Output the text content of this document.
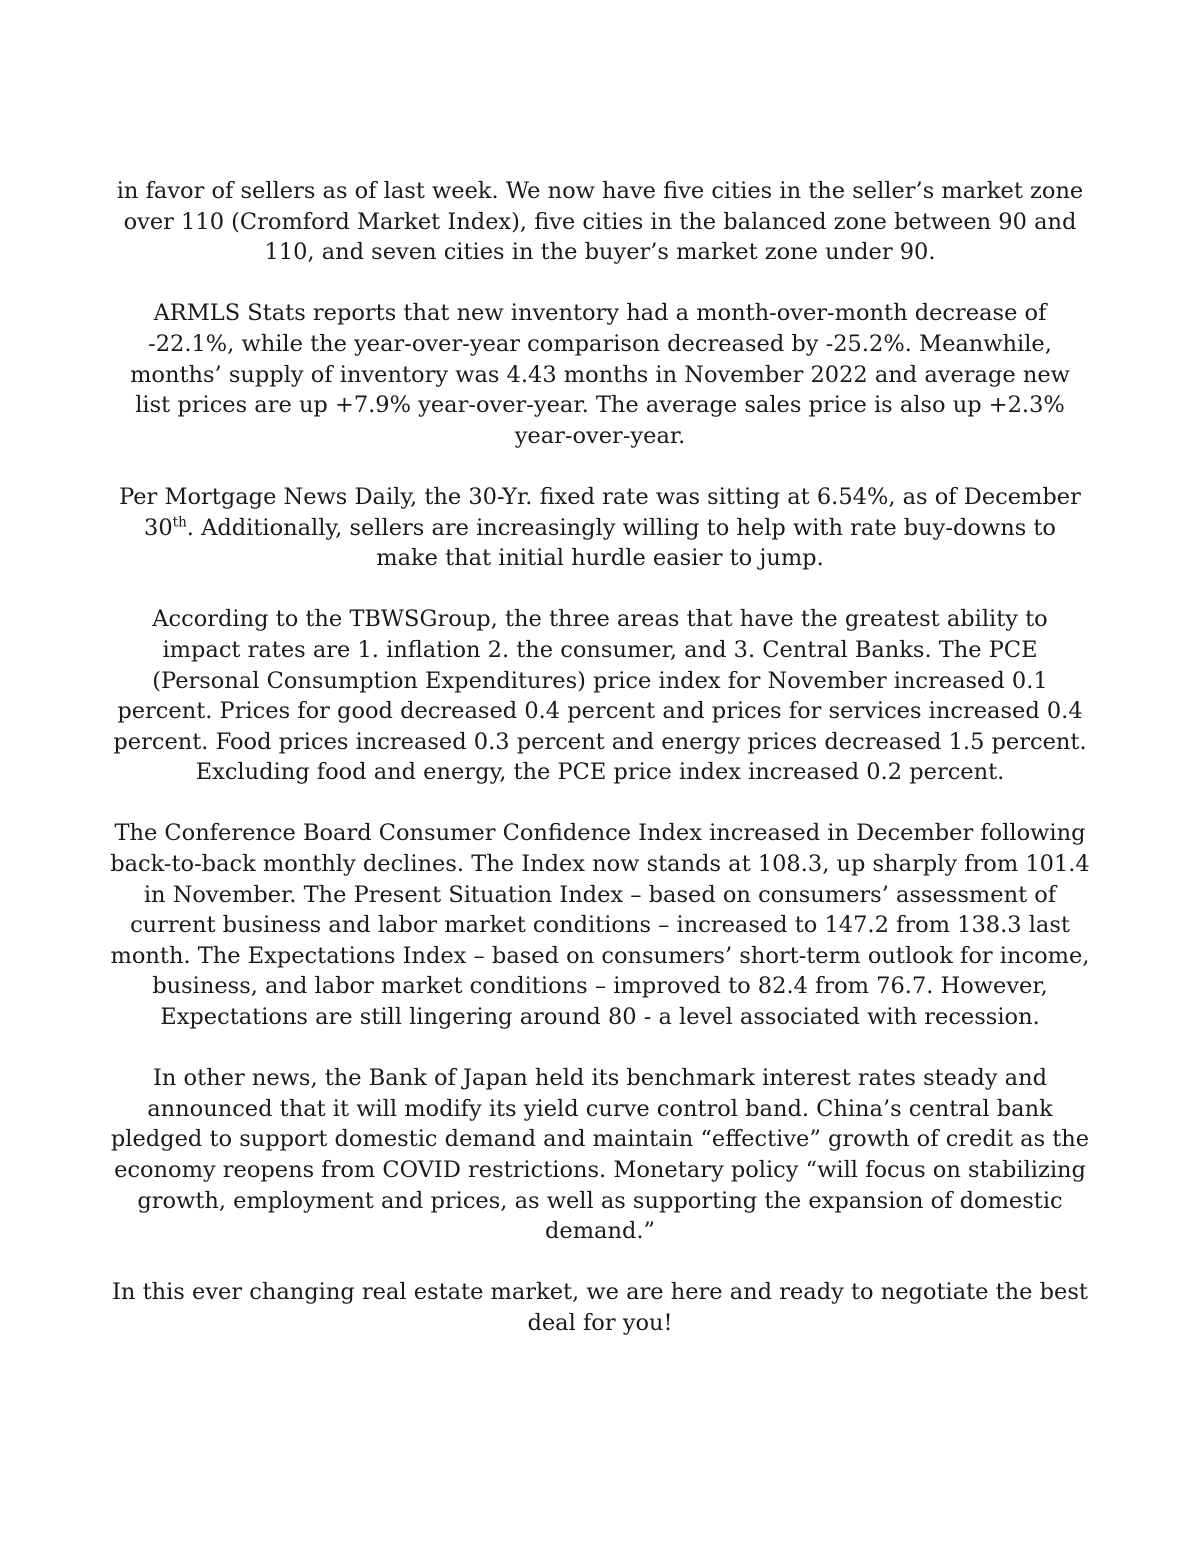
in favor of sellers as of last week. We now have five cities in the seller’s market zone over 110 (Cromford Market Index), five cities in the balanced zone between 90 and 110, and seven cities in the buyer’s market zone under 90.

ARMLS Stats reports that new inventory had a month-over-month decrease of -22.1%, while the year-over-year comparison decreased by -25.2%. Meanwhile, months’ supply of inventory was 4.43 months in November 2022 and average new list prices are up +7.9% year-over-year. The average sales price is also up +2.3% year-over-year.

Per Mortgage News Daily, the 30-Yr. fixed rate was sitting at 6.54%, as of December 30th. Additionally, sellers are increasingly willing to help with rate buy-downs to make that initial hurdle easier to jump.

According to the TBWSGroup, the three areas that have the greatest ability to impact rates are 1. inflation 2. the consumer, and 3. Central Banks. The PCE (Personal Consumption Expenditures) price index for November increased 0.1 percent. Prices for good decreased 0.4 percent and prices for services increased 0.4 percent. Food prices increased 0.3 percent and energy prices decreased 1.5 percent. Excluding food and energy, the PCE price index increased 0.2 percent.

The Conference Board Consumer Confidence Index increased in December following back-to-back monthly declines. The Index now stands at 108.3, up sharply from 101.4 in November. The Present Situation Index – based on consumers’ assessment of current business and labor market conditions – increased to 147.2 from 138.3 last month. The Expectations Index – based on consumers’ short-term outlook for income, business, and labor market conditions – improved to 82.4 from 76.7. However, Expectations are still lingering around 80 - a level associated with recession.

In other news, the Bank of Japan held its benchmark interest rates steady and announced that it will modify its yield curve control band. China’s central bank pledged to support domestic demand and maintain “effective” growth of credit as the economy reopens from COVID restrictions. Monetary policy “will focus on stabilizing growth, employment and prices, as well as supporting the expansion of domestic demand.”

In this ever changing real estate market, we are here and ready to negotiate the best deal for you!
